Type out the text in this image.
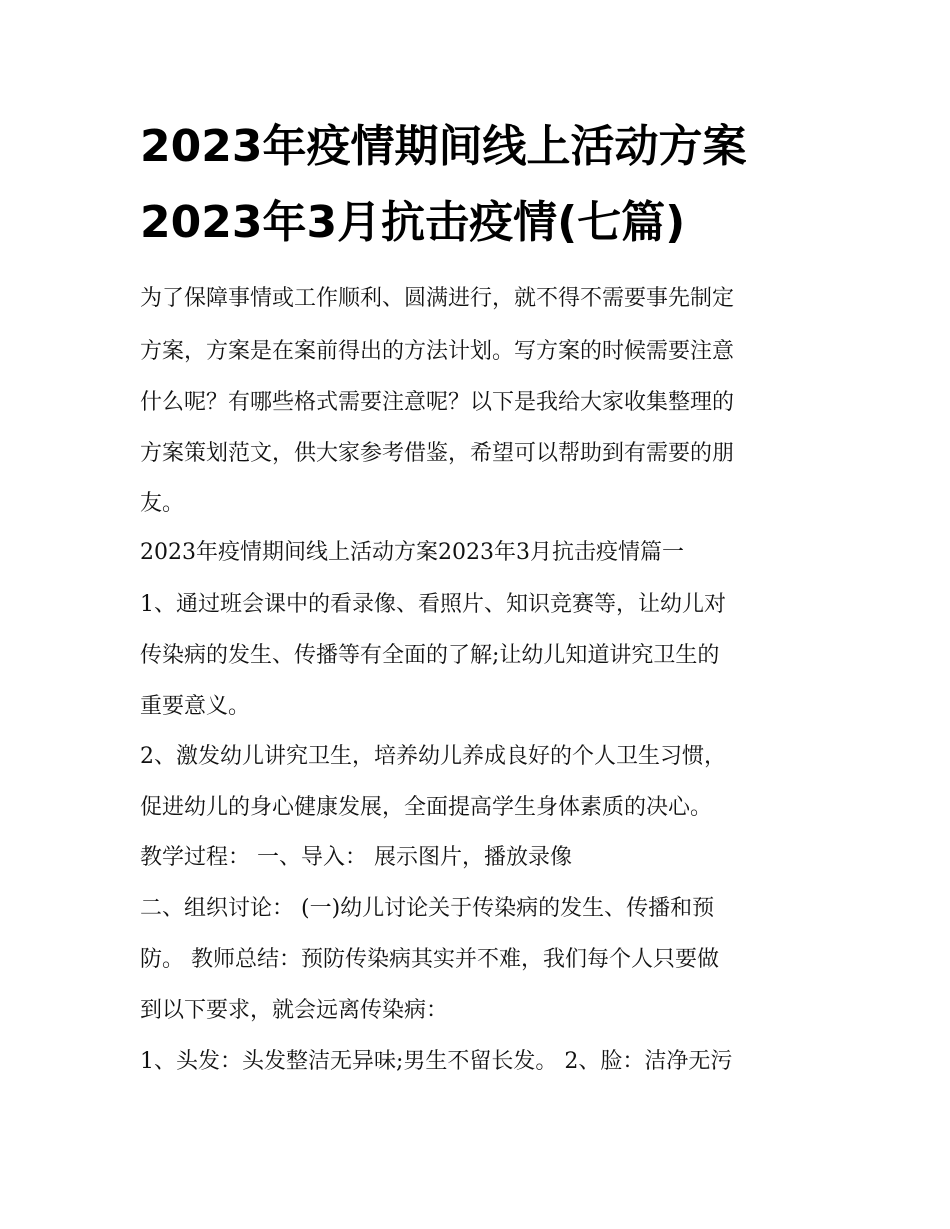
2023年疫情期间线上活动方案
2023年3月抗击疫情(七篇)
为了保障事情或工作顺利、圆满进行，就不得不需要事先制定
方案，方案是在案前得出的方法计划。写方案的时候需要注意
什么呢？有哪些格式需要注意呢？以下是我给大家收集整理的
方案策划范文，供大家参考借鉴，希望可以帮助到有需要的朋
友。
2023年疫情期间线上活动方案2023年3月抗击疫情篇一
1、通过班会课中的看录像、看照片、知识竞赛等，让幼儿对
传染病的发生、传播等有全面的了解;让幼儿知道讲究卫生的
重要意义。
2、激发幼儿讲究卫生，培养幼儿养成良好的个人卫生习惯，
促进幼儿的身心健康发展，全面提高学生身体素质的决心。
教学过程： 一、导入： 展示图片，播放录像
二、组织讨论： (一)幼儿讨论关于传染病的发生、传播和预
防。 教师总结：预防传染病其实并不难，我们每个人只要做
到以下要求，就会远离传染病：
1、头发：头发整洁无异味;男生不留长发。 2、脸：洁净无污
